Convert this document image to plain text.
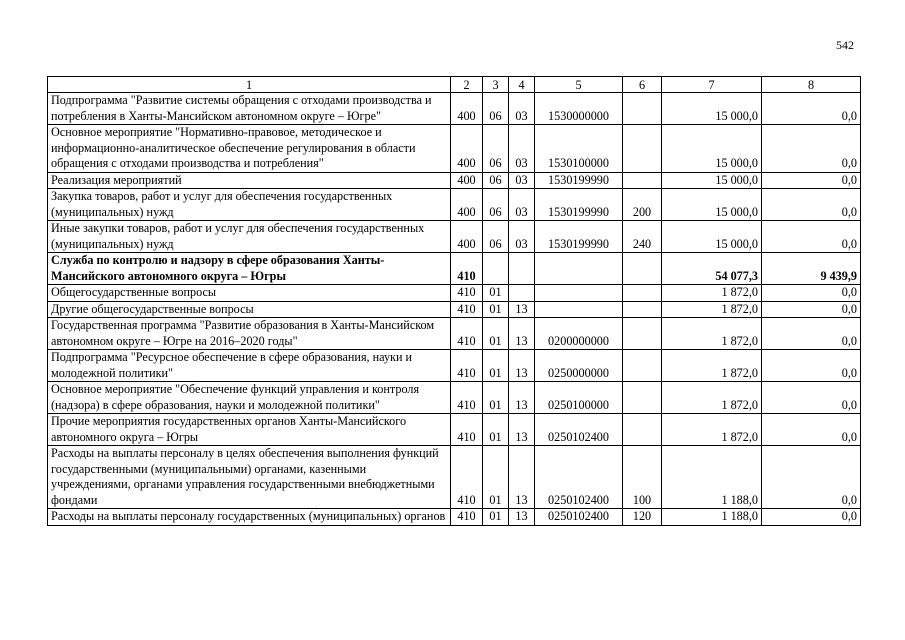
542
1	2	3	4	5	6	7	8
Подпрограмма "Развитие системы обращения с отходами производства и потребления в Ханты-Мансийском автономном округе – Югре"	400	06	03	1530000000		15 000,0	0,0
Основное мероприятие "Нормативно-правовое, методическое и информационно-аналитическое обеспечение регулирования в области обращения с отходами производства и потребления"	400	06	03	1530100000		15 000,0	0,0
Реализация мероприятий	400	06	03	1530199990		15 000,0	0,0
Закупка товаров, работ и услуг для обеспечения государственных (муниципальных) нужд	400	06	03	1530199990	200	15 000,0	0,0
Иные закупки товаров, работ и услуг для обеспечения государственных (муниципальных) нужд	400	06	03	1530199990	240	15 000,0	0,0
Служба по контролю и надзору в сфере образования Ханты-Мансийского автономного округа – Югры	410					54 077,3	9 439,9
Общегосударственные вопросы	410	01				1 872,0	0,0
Другие общегосударственные вопросы	410	01	13			1 872,0	0,0
Государственная программа "Развитие образования в Ханты-Мансийском автономном округе – Югре на 2016–2020 годы"	410	01	13	0200000000		1 872,0	0,0
Подпрограмма "Ресурсное обеспечение в сфере образования, науки и молодежной политики"	410	01	13	0250000000		1 872,0	0,0
Основное мероприятие "Обеспечение функций управления и контроля (надзора) в сфере образования, науки и молодежной политики"	410	01	13	0250100000		1 872,0	0,0
Прочие мероприятия государственных органов Ханты-Мансийского автономного округа – Югры	410	01	13	0250102400		1 872,0	0,0
Расходы на выплаты персоналу в целях обеспечения выполнения функций государственными (муниципальными) органами, казенными учреждениями, органами управления государственными внебюджетными фондами	410	01	13	0250102400	100	1 188,0	0,0
Расходы на выплаты персоналу государственных (муниципальных) органов	410	01	13	0250102400	120	1 188,0	0,0
